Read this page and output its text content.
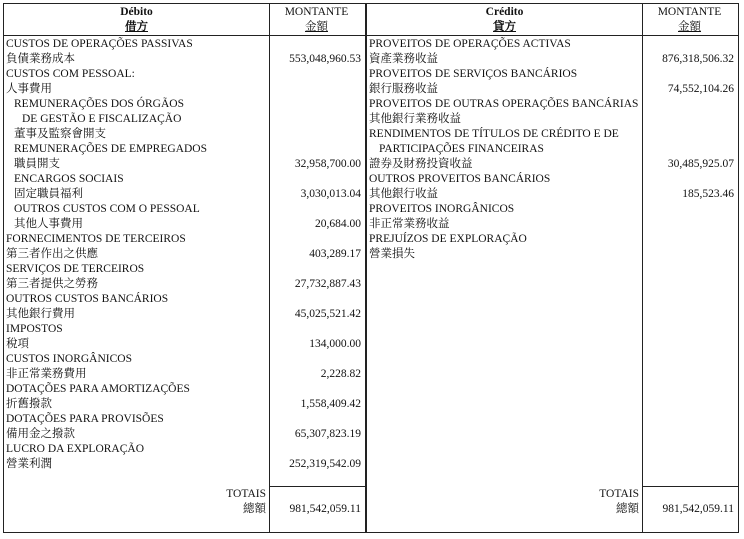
Débito
借方
MONTANTE
金額
CUSTOS DE OPERAÇÕES PASSIVAS
負債業務成本	553,048,960.53
CUSTOS COM PESSOAL:
人事費用
REMUNERAÇÕES DOS ÓRGÃOS
DE GESTÃO E FISCALIZAÇÃO
董事及監察會開支
REMUNERAÇÕES DE EMPREGADOS
職員開支	32,958,700.00
ENCARGOS SOCIAIS
固定職員福利	3,030,013.04
OUTROS CUSTOS COM O PESSOAL
其他人事費用	20,684.00
FORNECIMENTOS DE TERCEIROS
第三者作出之供應	403,289.17
SERVIÇOS DE TERCEIROS
第三者提供之勞務	27,732,887.43
OUTROS CUSTOS BANCÁRIOS
其他銀行費用	45,025,521.42
IMPOSTOS
稅項	134,000.00
CUSTOS INORGÂNICOS
非正常業務費用	2,228.82
DOTAÇÕES PARA AMORTIZAÇÕES
折舊撥款	1,558,409.42
DOTAÇÕES PARA PROVISÕES
備用金之撥款	65,307,823.19
LUCRO DA EXPLORAÇÃO
營業利潤	252,319,542.09
TOTAIS
總額	981,542,059.11
Crédito
貸方
MONTANTE
金額
PROVEITOS DE OPERAÇÕES ACTIVAS
資產業務收益	876,318,506.32
PROVEITOS DE SERVIÇOS BANCÁRIOS
銀行服務收益	74,552,104.26
PROVEITOS DE OUTRAS OPERAÇÕES BANCÁRIAS
其他銀行業務收益
RENDIMENTOS DE TÍTULOS DE CRÉDITO E DE
PARTICIPAÇÕES FINANCEIRAS
證券及財務投資收益	30,485,925.07
OUTROS PROVEITOS BANCÁRIOS
其他銀行收益	185,523.46
PROVEITOS INORGÂNICOS
非正常業務收益
PREJUÍZOS DE EXPLORAÇÃO
營業損失
TOTAIS
總額	981,542,059.11
